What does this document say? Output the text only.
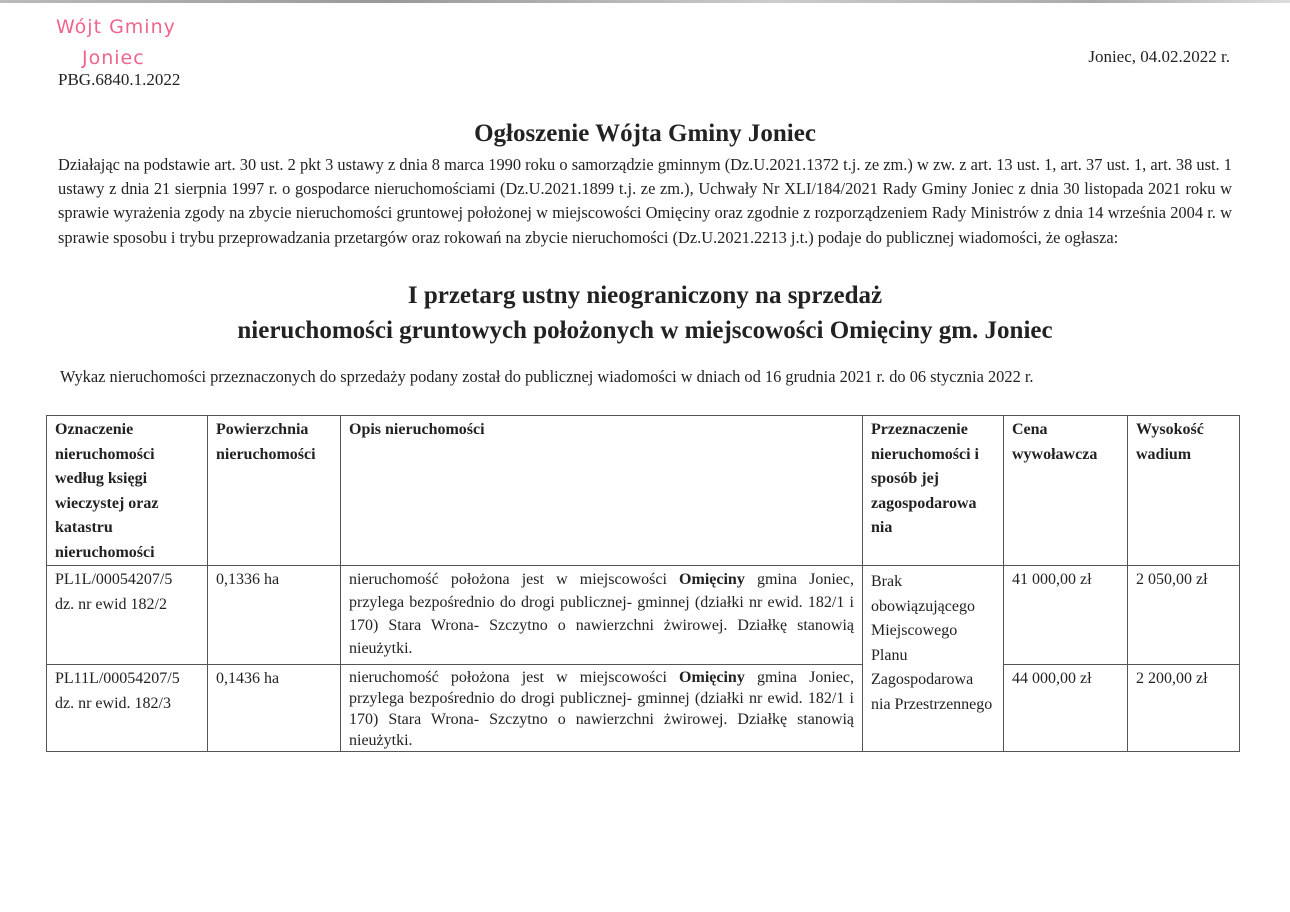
Wójt Gminy
Joniec
PBG.6840.1.2022
Joniec, 04.02.2022 r.
Ogłoszenie Wójta Gminy Joniec
Działając na podstawie art. 30 ust. 2 pkt 3 ustawy z dnia 8 marca 1990 roku o samorządzie gminnym (Dz.U.2021.1372 t.j. ze zm.) w zw. z art. 13 ust. 1, art. 37 ust. 1, art. 38 ust. 1 ustawy z dnia 21 sierpnia 1997 r. o gospodarce nieruchomościami (Dz.U.2021.1899 t.j. ze zm.), Uchwały Nr XLI/184/2021 Rady Gminy Joniec z dnia 30 listopada 2021 roku w sprawie wyrażenia zgody na zbycie nieruchomości gruntowej położonej w miejscowości Omięciny oraz zgodnie z rozporządzeniem Rady Ministrów z dnia 14 września 2004 r. w sprawie sposobu i trybu przeprowadzania przetargów oraz rokowań na zbycie nieruchomości (Dz.U.2021.2213 j.t.) podaje do publicznej wiadomości, że ogłasza:
I przetarg ustny nieograniczony na sprzedaż
nieruchomości gruntowych położonych w miejscowości Omięciny gm. Joniec
Wykaz nieruchomości przeznaczonych do sprzedaży podany został do publicznej wiadomości w dniach od 16 grudnia 2021 r. do 06 stycznia 2022 r.
Oznaczenie nieruchomości według księgi wieczystej oraz katastru nieruchomości	Powierzchnia nieruchomości	Opis nieruchomości	Przeznaczenie nieruchomości i sposób jej zagospodarowa nia	Cena wywoławcza	Wysokość wadium

PL1L/00054207/5
dz. nr ewid 182/2	0,1336 ha	nieruchomość położona jest w miejscowości Omięciny gmina Joniec, przylega bezpośrednio do drogi publicznej- gminnej (działki nr ewid. 182/1 i 170) Stara Wrona- Szczytno o nawierzchni żwirowej. Działkę stanowią nieużytki.	Brak obowiązującego Miejscowego Planu Zagospodarowa nia Przestrzennego	41 000,00 zł	2 050,00 zł

PL11L/00054207/5
dz. nr ewid. 182/3	0,1436 ha	nieruchomość położona jest w miejscowości Omięciny gmina Joniec, przylega bezpośrednio do drogi publicznej- gminnej (działki nr ewid. 182/1 i 170) Stara Wrona- Szczytno o nawierzchni żwirowej. Działkę stanowią nieużytki.		44 000,00 zł	2 200,00 zł
